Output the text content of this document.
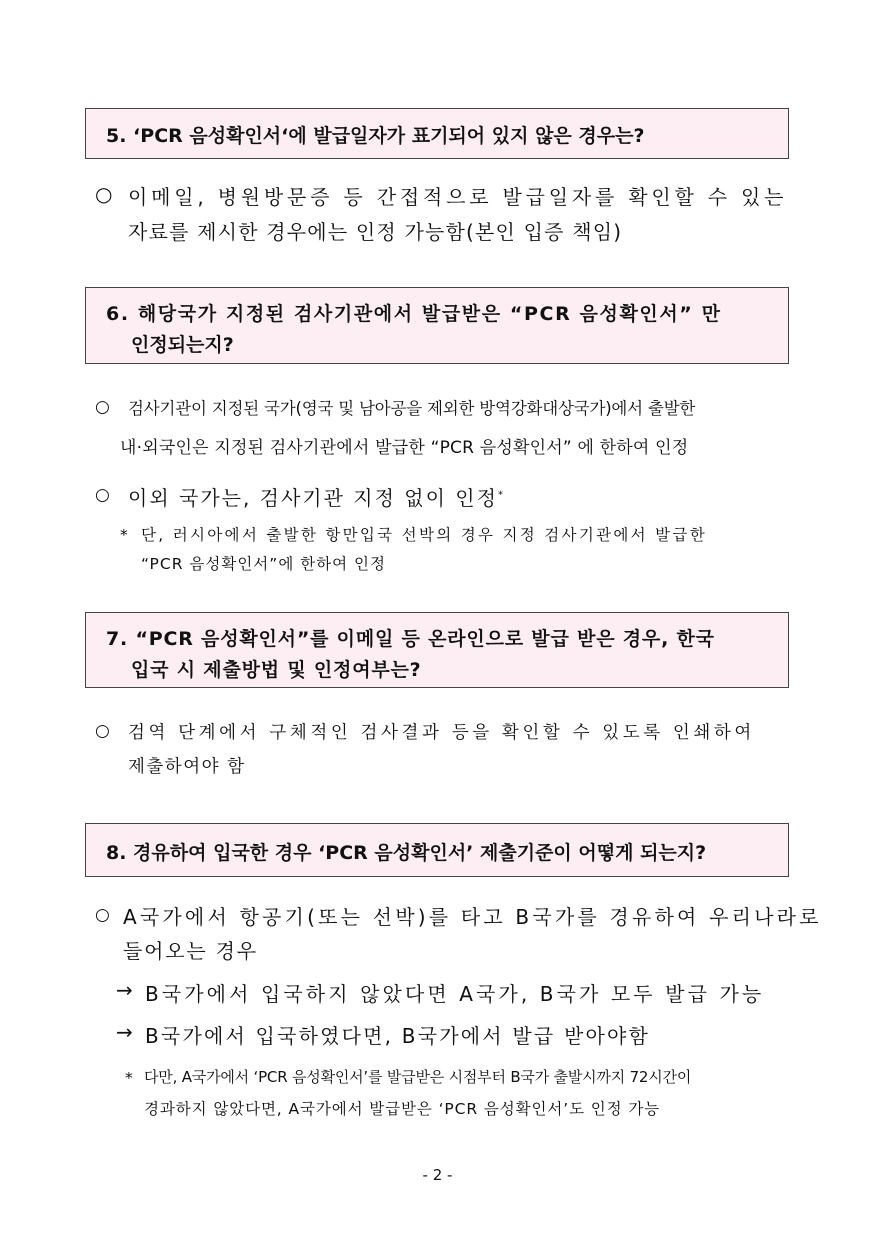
5. ‘PCR 음성확인서‘에 발급일자가 표기되어 있지 않은 경우는?
○ 이메일, 병원방문증 등 간접적으로 발급일자를 확인할 수 있는
자료를 제시한 경우에는 인정 가능함(본인 입증 책임)
6. 해당국가 지정된 검사기관에서 발급받은 “PCR 음성확인서” 만
인정되는지?
○ 검사기관이 지정된 국가(영국 및 남아공을 제외한 방역강화대상국가)에서 출발한
내·외국인은 지정된 검사기관에서 발급한 “PCR 음성확인서” 에 한하여 인정
○ 이외 국가는, 검사기관 지정 없이 인정*
* 단, 러시아에서 출발한 항만입국 선박의 경우 지정 검사기관에서 발급한
“PCR 음성확인서”에 한하여 인정
7. “PCR 음성확인서”를 이메일 등 온라인으로 발급 받은 경우, 한국
입국 시 제출방법 및 인정여부는?
○ 검역 단계에서 구체적인 검사결과 등을 확인할 수 있도록 인쇄하여
제출하여야 함
8. 경유하여 입국한 경우 ‘PCR 음성확인서’ 제출기준이 어떻게 되는지?
○ A국가에서 항공기(또는 선박)를 타고 B국가를 경유하여 우리나라로
들어오는 경우
→ B국가에서 입국하지 않았다면 A국가, B국가 모두 발급 가능
→ B국가에서 입국하였다면, B국가에서 발급 받아야함
* 다만, A국가에서 ‘PCR 음성확인서’를 발급받은 시점부터 B국가 출발시까지 72시간이
경과하지 않았다면, A국가에서 발급받은 ‘PCR 음성확인서’도 인정 가능
- 2 -
